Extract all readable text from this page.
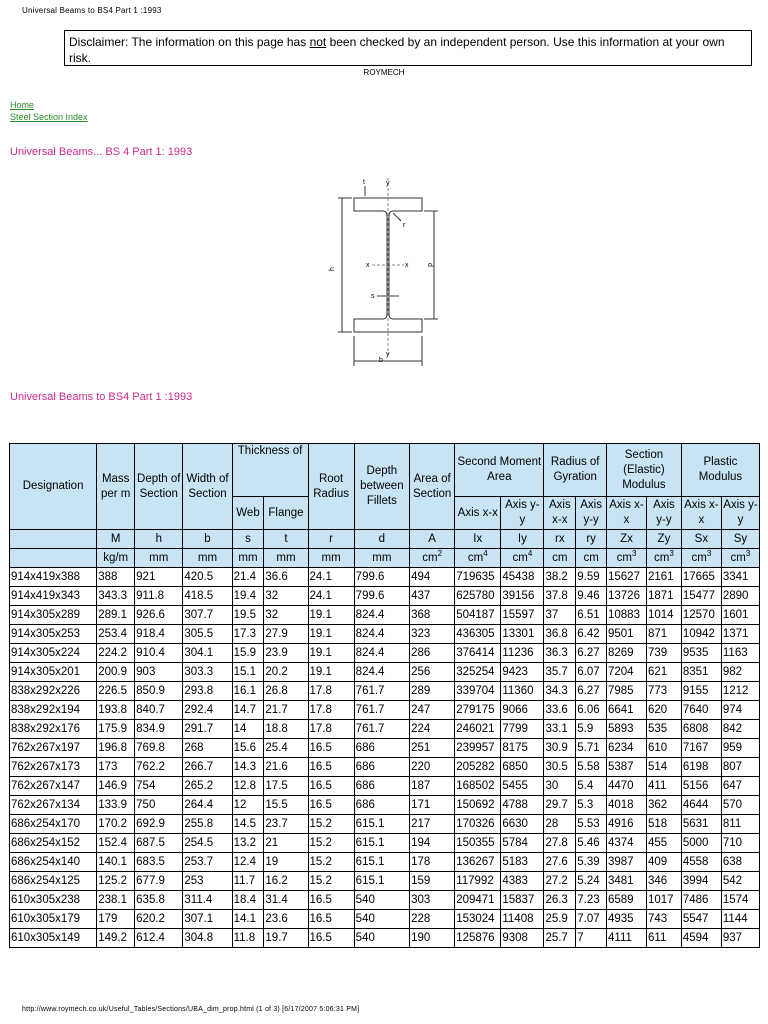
Universal Beams to BS4 Part 1 :1993
Disclaimer: The information on this page has not been checked by an independent person. Use this information at your own risk.
ROYMECH
Home
Steel Section Index
Universal Beams... BS 4 Part 1: 1993
t	y
r
h
x	x	d
s
y
b
Universal Beams to BS4 Part 1 :1993
Designation	Mass per m	Depth of Section	Width of Section	Thickness of		Root Radius	Depth between Fillets	Area of Section	Second Moment Area		Radius of Gyration		Section (Elastic) Modulus		Plastic Modulus	
				Web	Flange				Axis x-x	Axis y-y	Axis x-x	Axis y-y	Axis x-x	Axis y-y	Axis x-x	Axis y-y
	M	h	b	s	t	r	d	A	Ix	Iy	rx	ry	Zx	Zy	Sx	Sy
	kg/m	mm	mm	mm	mm	mm	mm	$cm^2$	$cm^4$	$cm^4$	cm	cm	$cm^3$	$cm^3$	$cm^3$	$cm^3$
914x419x388	388	921	420.5	21.4	36.6	24.1	799.6	494	719635	45438	38.2	9.59	15627	2161	17665	3341
914x419x343	343.3	911.8	418.5	19.4	32	24.1	799.6	437	625780	39156	37.8	9.46	13726	1871	15477	2890
914x305x289	289.1	926.6	307.7	19.5	32	19.1	824.4	368	504187	15597	37	6.51	10883	1014	12570	1601
914x305x253	253.4	918.4	305.5	17.3	27.9	19.1	824.4	323	436305	13301	36.8	6.42	9501	871	10942	1371
914x305x224	224.2	910.4	304.1	15.9	23.9	19.1	824.4	286	376414	11236	36.3	6.27	8269	739	9535	1163
914x305x201	200.9	903	303.3	15.1	20.2	19.1	824.4	256	325254	9423	35.7	6.07	7204	621	8351	982
838x292x226	226.5	850.9	293.8	16.1	26.8	17.8	761.7	289	339704	11360	34.3	6.27	7985	773	9155	1212
838x292x194	193.8	840.7	292.4	14.7	21.7	17.8	761.7	247	279175	9066	33.6	6.06	6641	620	7640	974
838x292x176	175.9	834.9	291.7	14	18.8	17.8	761.7	224	246021	7799	33.1	5.9	5893	535	6808	842
762x267x197	196.8	769.8	268	15.6	25.4	16.5	686	251	239957	8175	30.9	5.71	6234	610	7167	959
762x267x173	173	762.2	266.7	14.3	21.6	16.5	686	220	205282	6850	30.5	5.58	5387	514	6198	807
762x267x147	146.9	754	265.2	12.8	17.5	16.5	686	187	168502	5455	30	5.4	4470	411	5156	647
762x267x134	133.9	750	264.4	12	15.5	16.5	686	171	150692	4788	29.7	5.3	4018	362	4644	570
686x254x170	170.2	692.9	255.8	14.5	23.7	15.2	615.1	217	170326	6630	28	5.53	4916	518	5631	811
686x254x152	152.4	687.5	254.5	13.2	21	15.2	615.1	194	150355	5784	27.8	5.46	4374	455	5000	710
686x254x140	140.1	683.5	253.7	12.4	19	15.2	615.1	178	136267	5183	27.6	5.39	3987	409	4558	638
686x254x125	125.2	677.9	253	11.7	16.2	15.2	615.1	159	117992	4383	27.2	5.24	3481	346	3994	542
610x305x238	238.1	635.8	311.4	18.4	31.4	16.5	540	303	209471	15837	26.3	7.23	6589	1017	7486	1574
610x305x179	179	620.2	307.1	14.1	23.6	16.5	540	228	153024	11408	25.9	7.07	4935	743	5547	1144
610x305x149	149.2	612.4	304.8	11.8	19.7	16.5	540	190	125876	9308	25.7	7	4111	611	4594	937
http://www.roymech.co.uk/Useful_Tables/Sections/UBA_dim_prop.html (1 of 3) [6/17/2007 5:06:31 PM]
